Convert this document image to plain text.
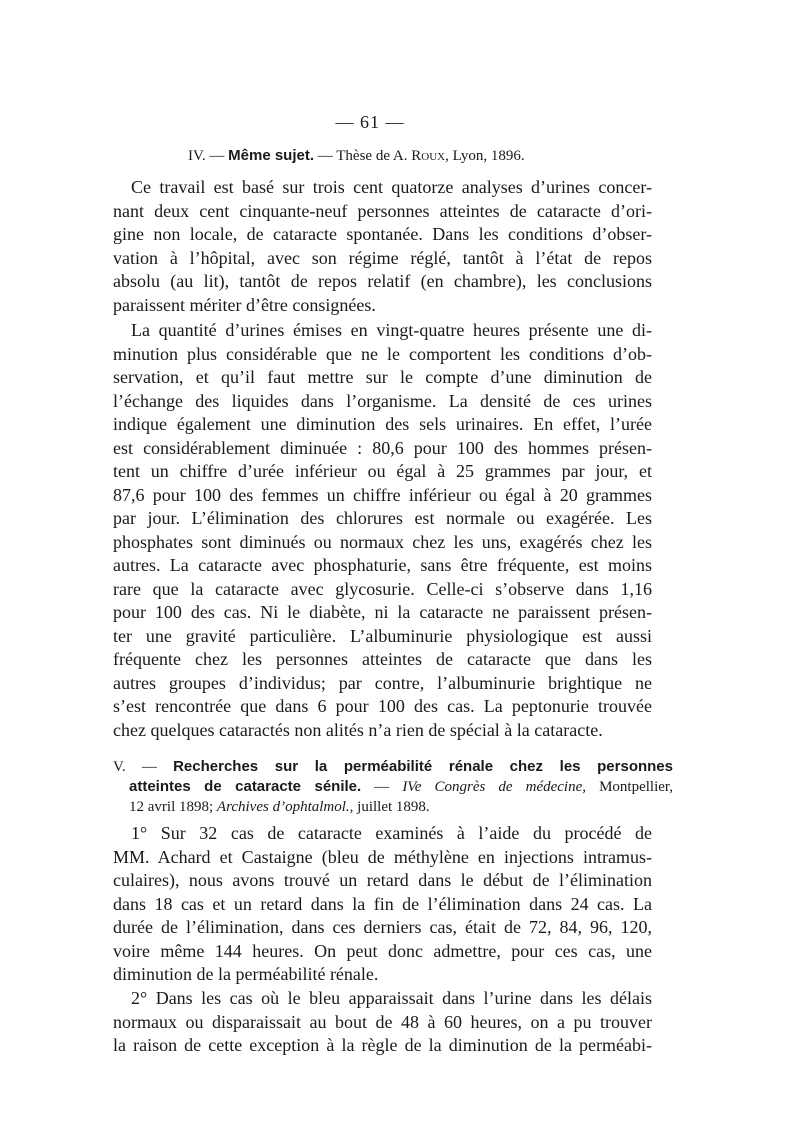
— 61 —
IV. — Même sujet. — Thèse de A. Roux, Lyon, 1896.
Ce travail est basé sur trois cent quatorze analyses d’urines concer-
nant deux cent cinquante-neuf personnes atteintes de cataracte d’ori-
gine non locale, de cataracte spontanée. Dans les conditions d’obser-
vation à l’hôpital, avec son régime réglé, tantôt à l’état de repos
absolu (au lit), tantôt de repos relatif (en chambre), les conclusions
paraissent mériter d’être consignées.
La quantité d’urines émises en vingt-quatre heures présente une di-
minution plus considérable que ne le comportent les conditions d’ob-
servation, et qu’il faut mettre sur le compte d’une diminution de
l’échange des liquides dans l’organisme. La densité de ces urines
indique également une diminution des sels urinaires. En effet, l’urée
est considérablement diminuée : 80,6 pour 100 des hommes présen-
tent un chiffre d’urée inférieur ou égal à 25 grammes par jour, et
87,6 pour 100 des femmes un chiffre inférieur ou égal à 20 grammes
par jour. L’élimination des chlorures est normale ou exagérée. Les
phosphates sont diminués ou normaux chez les uns, exagérés chez les
autres. La cataracte avec phosphaturie, sans être fréquente, est moins
rare que la cataracte avec glycosurie. Celle-ci s’observe dans 1,16
pour 100 des cas. Ni le diabète, ni la cataracte ne paraissent présen-
ter une gravité particulière. L’albuminurie physiologique est aussi
fréquente chez les personnes atteintes de cataracte que dans les
autres groupes d’individus; par contre, l’albuminurie brightique ne
s’est rencontrée que dans 6 pour 100 des cas. La peptonurie trouvée
chez quelques cataractés non alités n’a rien de spécial à la cataracte.
V. — Recherches sur la perméabilité rénale chez les personnes
atteintes de cataracte sénile. — IVe Congrès de médecine, Montpellier,
12 avril 1898; Archives d’ophtalmol., juillet 1898.
1° Sur 32 cas de cataracte examinés à l’aide du procédé de
MM. Achard et Castaigne (bleu de méthylène en injections intramus-
culaires), nous avons trouvé un retard dans le début de l’élimination
dans 18 cas et un retard dans la fin de l’élimination dans 24 cas. La
durée de l’élimination, dans ces derniers cas, était de 72, 84, 96, 120,
voire même 144 heures. On peut donc admettre, pour ces cas, une
diminution de la perméabilité rénale.
2° Dans les cas où le bleu apparaissait dans l’urine dans les délais
normaux ou disparaissait au bout de 48 à 60 heures, on a pu trouver
la raison de cette exception à la règle de la diminution de la perméabi-
